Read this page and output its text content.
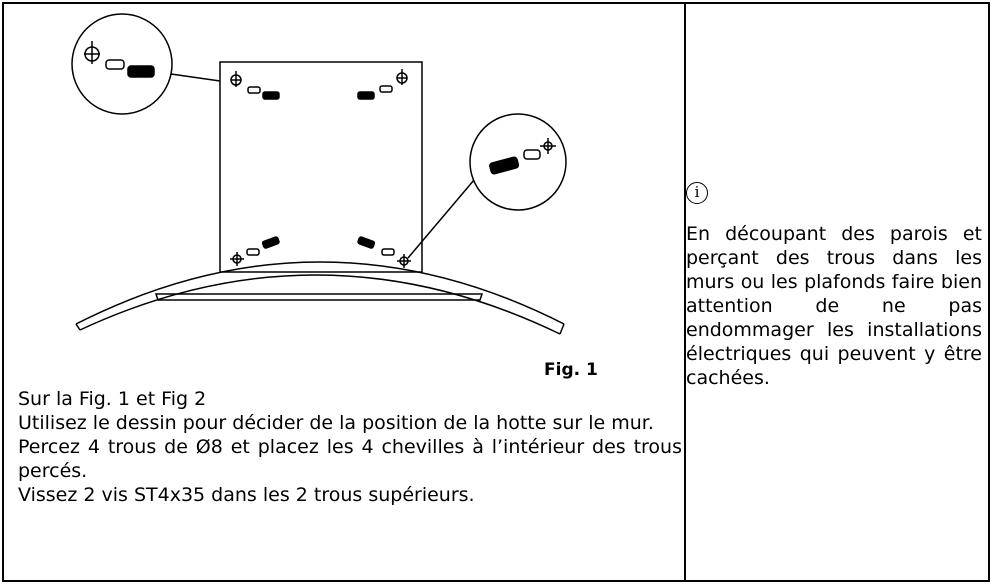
Fig. 1
Sur la Fig. 1 et Fig 2
Utilisez le dessin pour décider de la position de la hotte sur le mur.
Percez 4 trous de Ø8 et placez les 4 chevilles à l’intérieur des trous percés.
Vissez 2 vis ST4x35 dans les 2 trous supérieurs.
i
En découpant des parois et perçant des trous dans les murs ou les plafonds faire bien attention de ne pas endommager les installations électriques qui peuvent y être cachées.
